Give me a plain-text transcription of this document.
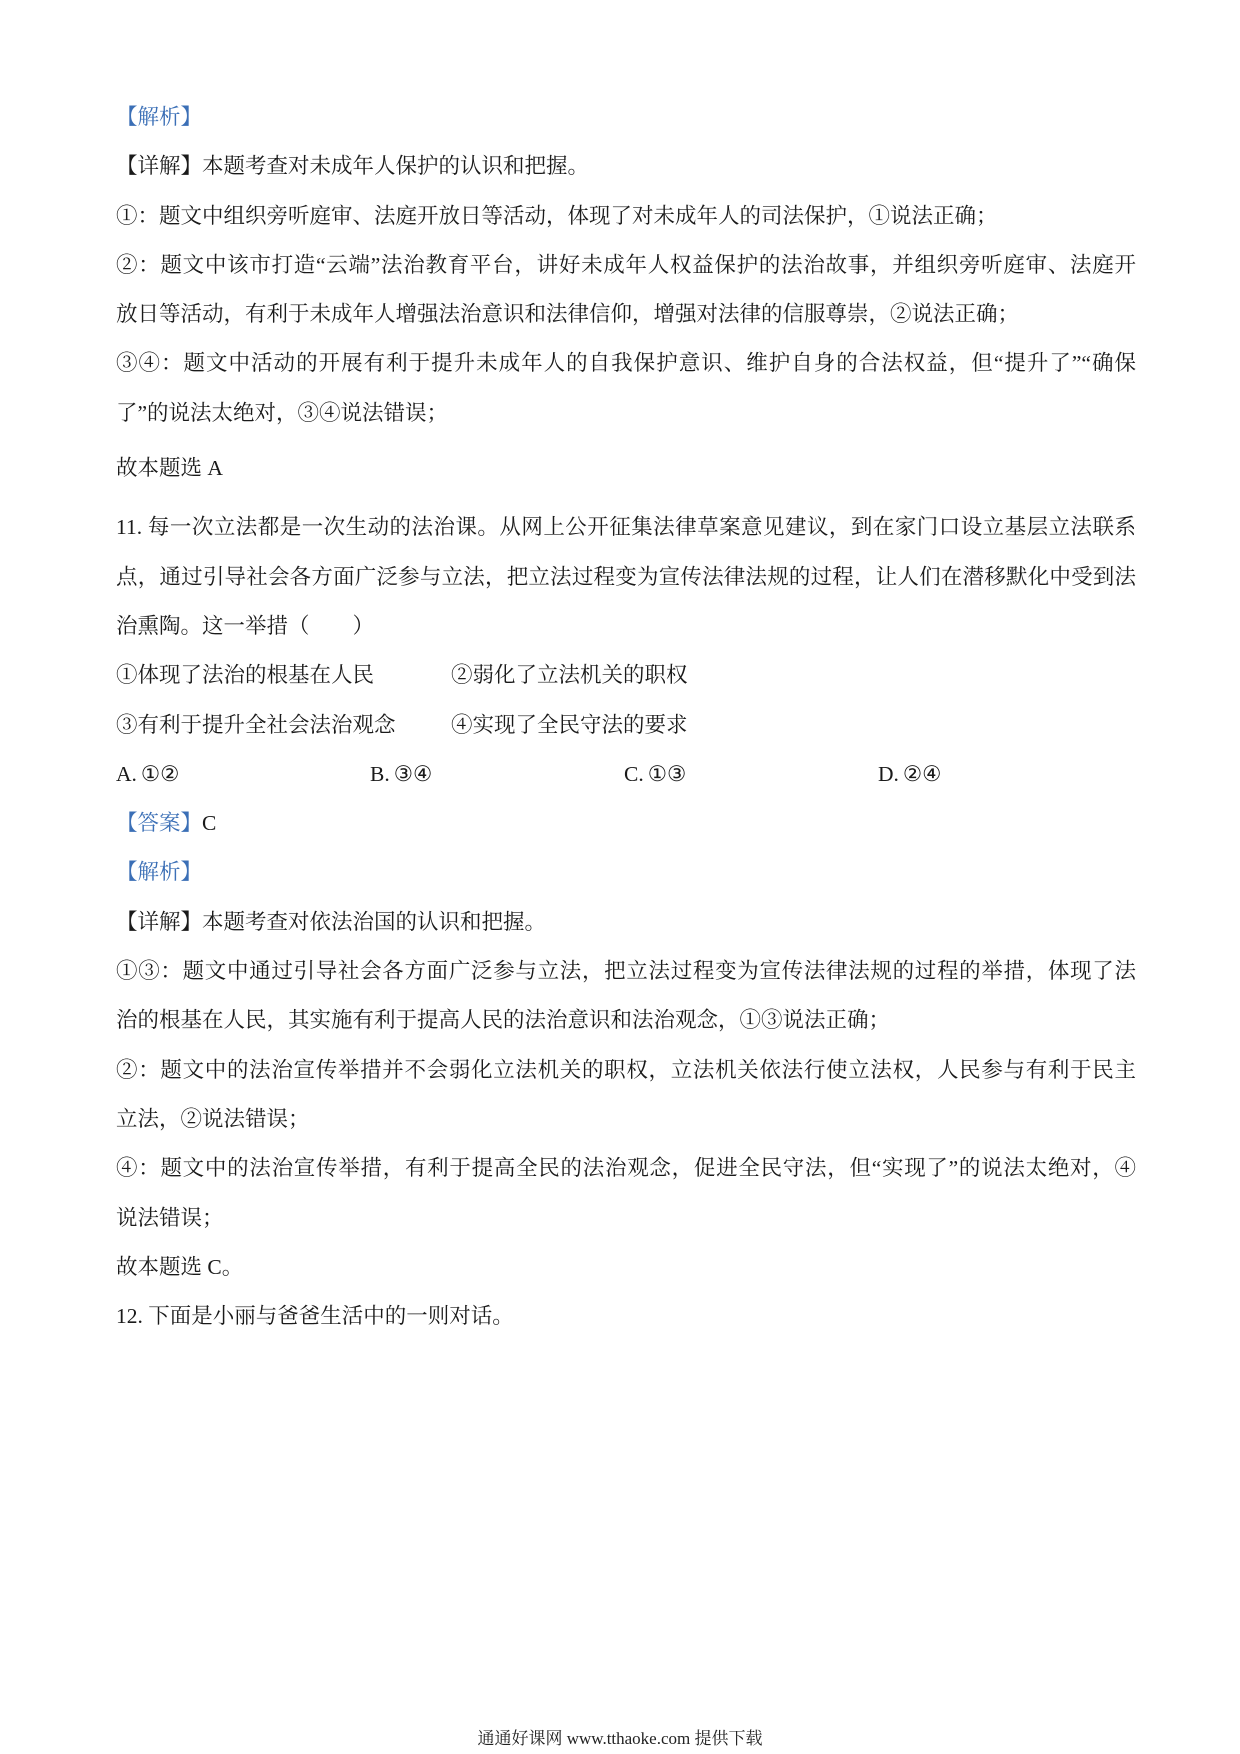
【解析】
【详解】本题考查对未成年人保护的认识和把握。
①：题文中组织旁听庭审、法庭开放日等活动，体现了对未成年人的司法保护，①说法正确；
②：题文中该市打造“云端”法治教育平台，讲好未成年人权益保护的法治故事，并组织旁听庭审、法庭开
放日等活动，有利于未成年人增强法治意识和法律信仰，增强对法律的信服尊崇，②说法正确；
③④：题文中活动的开展有利于提升未成年人的自我保护意识、维护自身的合法权益，但“提升了”“确保
了”的说法太绝对，③④说法错误；
故本题选 A
11. 每一次立法都是一次生动的法治课。从网上公开征集法律草案意见建议，到在家门口设立基层立法联系
点，通过引导社会各方面广泛参与立法，把立法过程变为宣传法律法规的过程，让人们在潜移默化中受到法
治熏陶。这一举措（　　）
①体现了法治的根基在人民	②弱化了立法机关的职权
③有利于提升全社会法治观念	④实现了全民守法的要求
A. ①②	B. ③④	C. ①③	D. ②④
【答案】C
【解析】
【详解】本题考查对依法治国的认识和把握。
①③：题文中通过引导社会各方面广泛参与立法，把立法过程变为宣传法律法规的过程的举措，体现了法
治的根基在人民，其实施有利于提高人民的法治意识和法治观念，①③说法正确；
②：题文中的法治宣传举措并不会弱化立法机关的职权，立法机关依法行使立法权，人民参与有利于民主
立法，②说法错误；
④：题文中的法治宣传举措，有利于提高全民的法治观念，促进全民守法，但“实现了”的说法太绝对，④
说法错误；
故本题选 C。
12. 下面是小丽与爸爸生活中的一则对话。
通通好课网 www.tthaoke.com 提供下载
